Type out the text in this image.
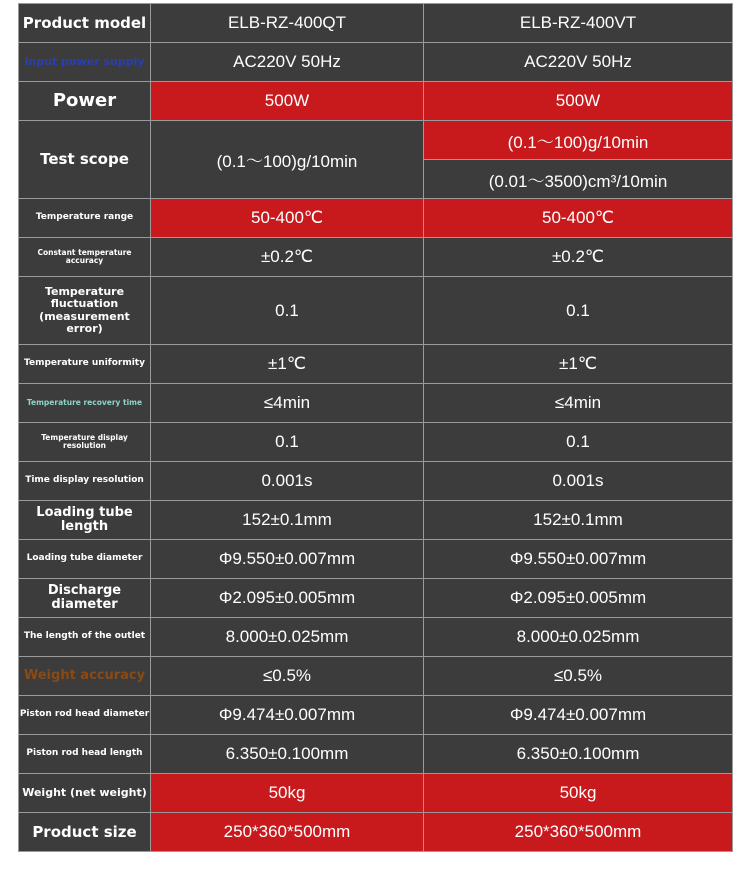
Product model	ELB-RZ-400QT	ELB-RZ-400VT
Input power supply	AC220V 50Hz	AC220V 50Hz
Power	500W	500W
Test scope	(0.1～100)g/10min	(0.1～100)g/10min
		(0.01～3500)cm³/10min
Temperature range	50-400℃	50-400℃
Constant temperature accuracy	±0.2℃	±0.2℃
Temperature fluctuation (measurement error)	0.1	0.1
Temperature uniformity	±1℃	±1℃
Temperature recovery time	≤4min	≤4min
Temperature display resolution	0.1	0.1
Time display resolution	0.001s	0.001s
Loading tube length	152±0.1mm	152±0.1mm
Loading tube diameter	Φ9.550±0.007mm	Φ9.550±0.007mm
Discharge diameter	Φ2.095±0.005mm	Φ2.095±0.005mm
The length of the outlet	8.000±0.025mm	8.000±0.025mm
Weight accuracy	≤0.5%	≤0.5%
Piston rod head diameter	Φ9.474±0.007mm	Φ9.474±0.007mm
Piston rod head length	6.350±0.100mm	6.350±0.100mm
Weight (net weight)	50kg	50kg
Product size	250*360*500mm	250*360*500mm
